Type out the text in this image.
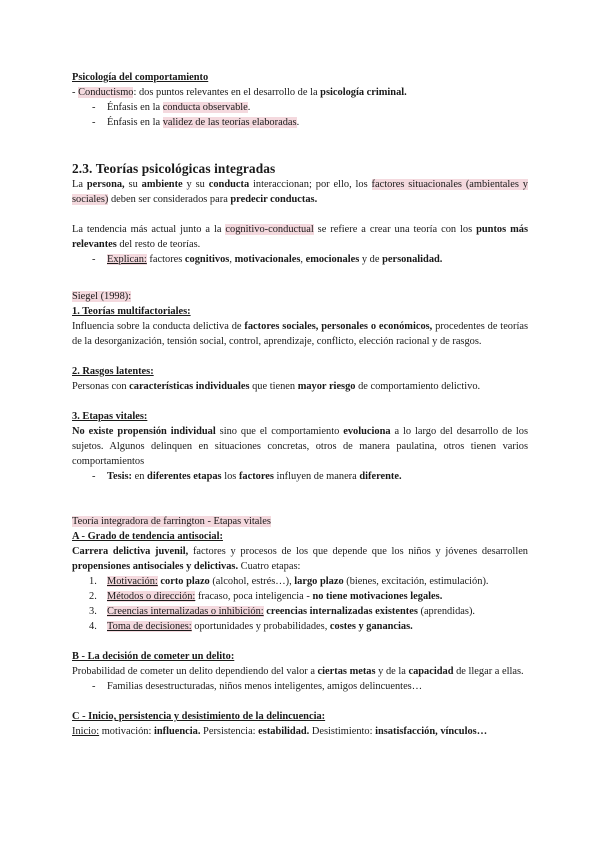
Psicología del comportamiento

- Conductismo: dos puntos relevantes en el desarrollo de la psicología criminal.

- Énfasis en la conducta observable.

- Énfasis en la validez de las teorías elaboradas.

2.3. Teorías psicológicas integradas

La persona, su ambiente y su conducta interaccionan; por ello, los factores situacionales (ambientales y sociales) deben ser considerados para predecir conductas.

La tendencia más actual junto a la cognitivo-conductual se refiere a crear una teoría con los puntos más relevantes del resto de teorías.

- Explican: factores cognitivos, motivacionales, emocionales y de personalidad.

Siegel (1998):

1. Teorías multifactoriales:

Influencia sobre la conducta delictiva de factores sociales, personales o económicos, procedentes de teorías de la desorganización, tensión social, control, aprendizaje, conflicto, elección racional y de rasgos.

2. Rasgos latentes:

Personas con características individuales que tienen mayor riesgo de comportamiento delictivo.

3. Etapas vitales:

No existe propensión individual sino que el comportamiento evoluciona a lo largo del desarrollo de los sujetos. Algunos delinquen en situaciones concretas, otros de manera paulatina, otros tienen varios comportamientos

- Tesis: en diferentes etapas los factores influyen de manera diferente.

Teoría integradora de farrington - Etapas vitales

A - Grado de tendencia antisocial:

Carrera delictiva juvenil, factores y procesos de los que depende que los niños y jóvenes desarrollen propensiones antisociales y delictivas. Cuatro etapas:

1. Motivación: corto plazo (alcohol, estrés…), largo plazo (bienes, excitación, estimulación).

2. Métodos o dirección: fracaso, poca inteligencia - no tiene motivaciones legales.

3. Creencias internalizadas o inhibición: creencias internalizadas existentes (aprendidas).

4. Toma de decisiones: oportunidades y probabilidades, costes y ganancias.

B - La decisión de cometer un delito:

Probabilidad de cometer un delito dependiendo del valor a ciertas metas y de la capacidad de llegar a ellas.

- Familias desestructuradas, niños menos inteligentes, amigos delincuentes…

C - Inicio, persistencia y desistimiento de la delincuencia:

Inicio: motivación: influencia. Persistencia: estabilidad. Desistimiento: insatisfacción, vínculos…
